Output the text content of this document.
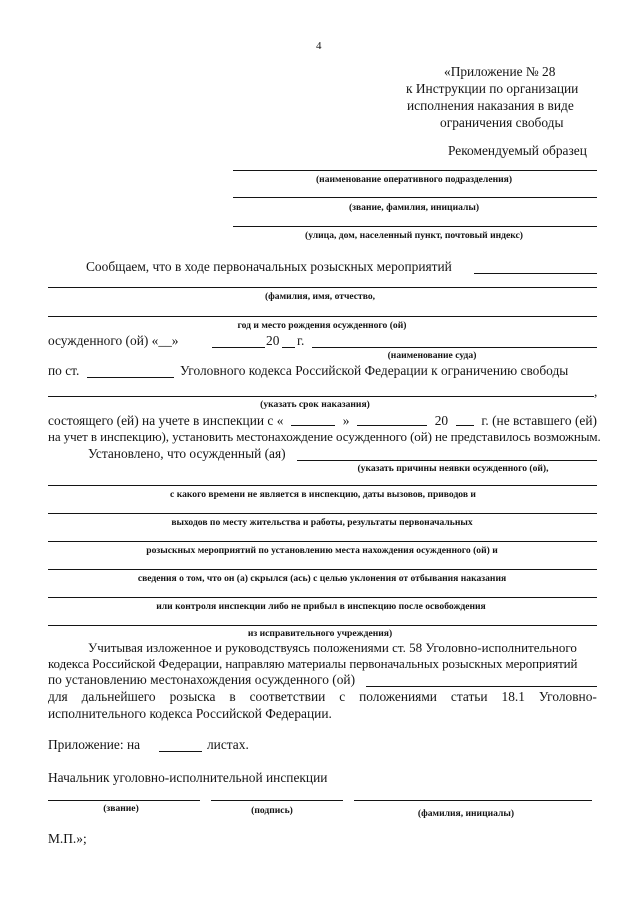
4
«Приложение № 28
к Инструкции по организации
исполнения наказания в виде
ограничения свободы
Рекомендуемый образец
(наименование оперативного подразделения)
(звание, фамилия, инициалы)
(улица, дом, населенный пункт, почтовый индекс)
Сообщаем, что в ходе первоначальных розыскных мероприятий
(фамилия, имя, отчество,
год и место рождения осужденного (ой)
осужденного (ой) «__»	20 г.
(наименование суда)
по ст.	Уголовного кодекса Российской Федерации к ограничению свободы
,
(указать срок наказания)
состоящего (ей) на учете в инспекции с «	»	20 г. (не вставшего (ей)
на учет в инспекцию), установить местонахождение осужденного (ой) не представилось возможным.
Установлено, что осужденный (ая)
(указать причины неявки осужденного (ой),
с какого времени не является в инспекцию, даты вызовов, приводов и
выходов по месту жительства и работы, результаты первоначальных
розыскных мероприятий по установлению места нахождения осужденного (ой) и
сведения о том, что он (а) скрылся (ась) с целью уклонения от отбывания наказания
или контроля инспекции либо не прибыл в инспекцию после освобождения
из исправительного учреждения)
Учитывая изложенное и руководствуясь положениями ст. 58 Уголовно-исполнительного
кодекса Российской Федерации, направляю материалы первоначальных розыскных мероприятий
по установлению местонахождения осужденного (ой)
для дальнейшего розыска в соответствии с положениями статьи 18.1 Уголовно-
исполнительного кодекса Российской Федерации.
Приложение: на	листах.
Начальник уголовно-исполнительной инспекции
(звание)	(подпись)	(фамилия, инициалы)
М.П.»;
